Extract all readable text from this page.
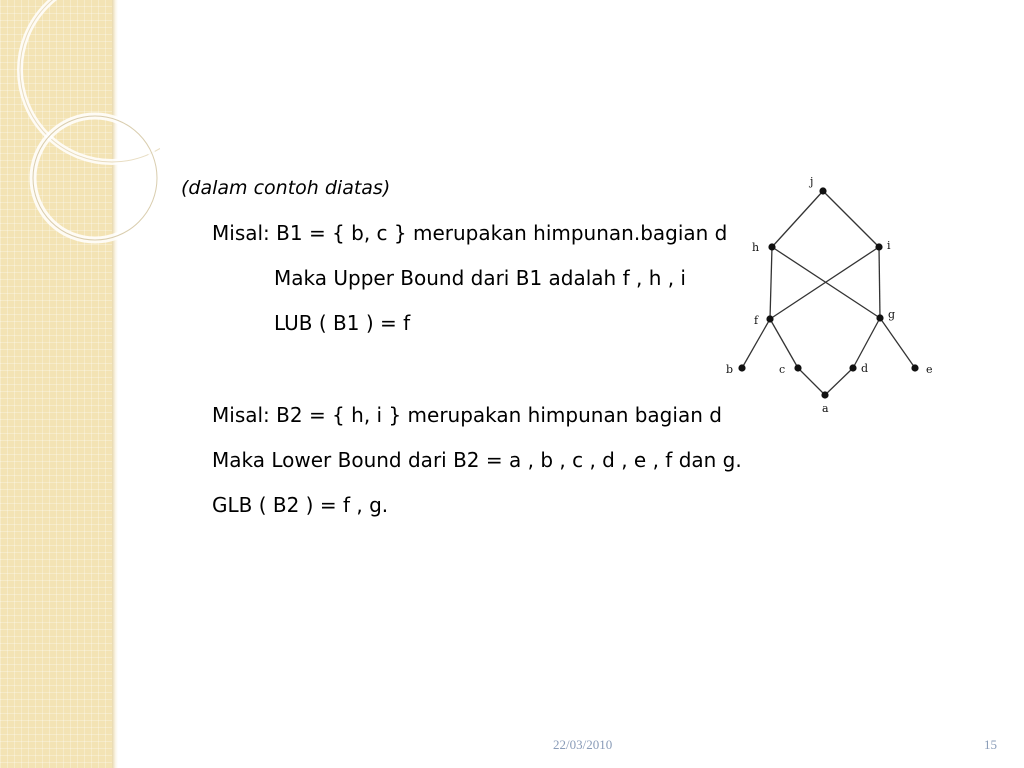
(dalam contoh diatas)
Misal: B1 = { b, c } merupakan himpunan.bagian d
Maka Upper Bound dari B1 adalah f , h , i
LUB ( B1 ) = f
Misal: B2 = { h, i } merupakan himpunan bagian d
Maka Lower Bound dari B2 = a , b , c , d , e , f dan g.
GLB ( B2 ) = f , g.
j
h	i
f	g
b	c	d	e
a
22/03/2010	15
